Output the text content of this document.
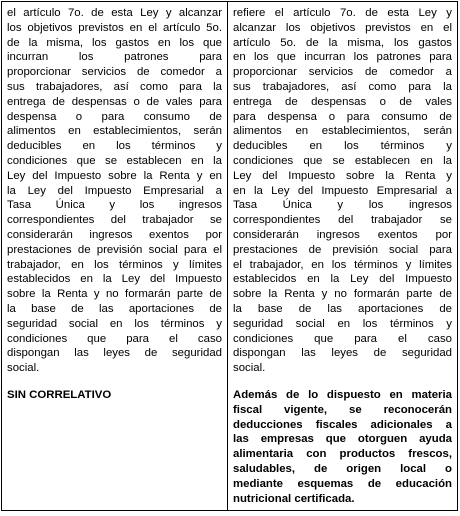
el artículo 7o. de esta Ley y alcanzar
los objetivos previstos en el artículo 5o.
de la misma, los gastos en los que
incurran los patrones para
proporcionar servicios de comedor a
sus trabajadores, así como para la
entrega de despensas o de vales para
despensa o para consumo de
alimentos en establecimientos, serán
deducibles en los términos y
condiciones que se establecen en la
Ley del Impuesto sobre la Renta y en
la Ley del Impuesto Empresarial a
Tasa Única y los ingresos
correspondientes del trabajador se
considerarán ingresos exentos por
prestaciones de previsión social para el
trabajador, en los términos y límites
establecidos en la Ley del Impuesto
sobre la Renta y no formarán parte de
la base de las aportaciones de
seguridad social en los términos y
condiciones que para el caso
dispongan las leyes de seguridad
social.
SIN CORRELATIVO

refiere el artículo 7o. de esta Ley y
alcanzar los objetivos previstos en el
artículo 5o. de la misma, los gastos
en los que incurran los patrones para
proporcionar servicios de comedor a
sus trabajadores, así como para la
entrega de despensas o de vales
para despensa o para consumo de
alimentos en establecimientos, serán
deducibles en los términos y
condiciones que se establecen en la
Ley del Impuesto sobre la Renta y
en la Ley del Impuesto Empresarial a
Tasa Única y los ingresos
correspondientes del trabajador se
considerarán ingresos exentos por
prestaciones de previsión social para
el trabajador, en los términos y límites
establecidos en la Ley del Impuesto
sobre la Renta y no formarán parte de
la base de las aportaciones de
seguridad social en los términos y
condiciones que para el caso
dispongan las leyes de seguridad
social.
Además de lo dispuesto en materia
fiscal vigente, se reconocerán
deducciones fiscales adicionales a
las empresas que otorguen ayuda
alimentaria con productos frescos,
saludables, de origen local o
mediante esquemas de educación
nutricional certificada.
